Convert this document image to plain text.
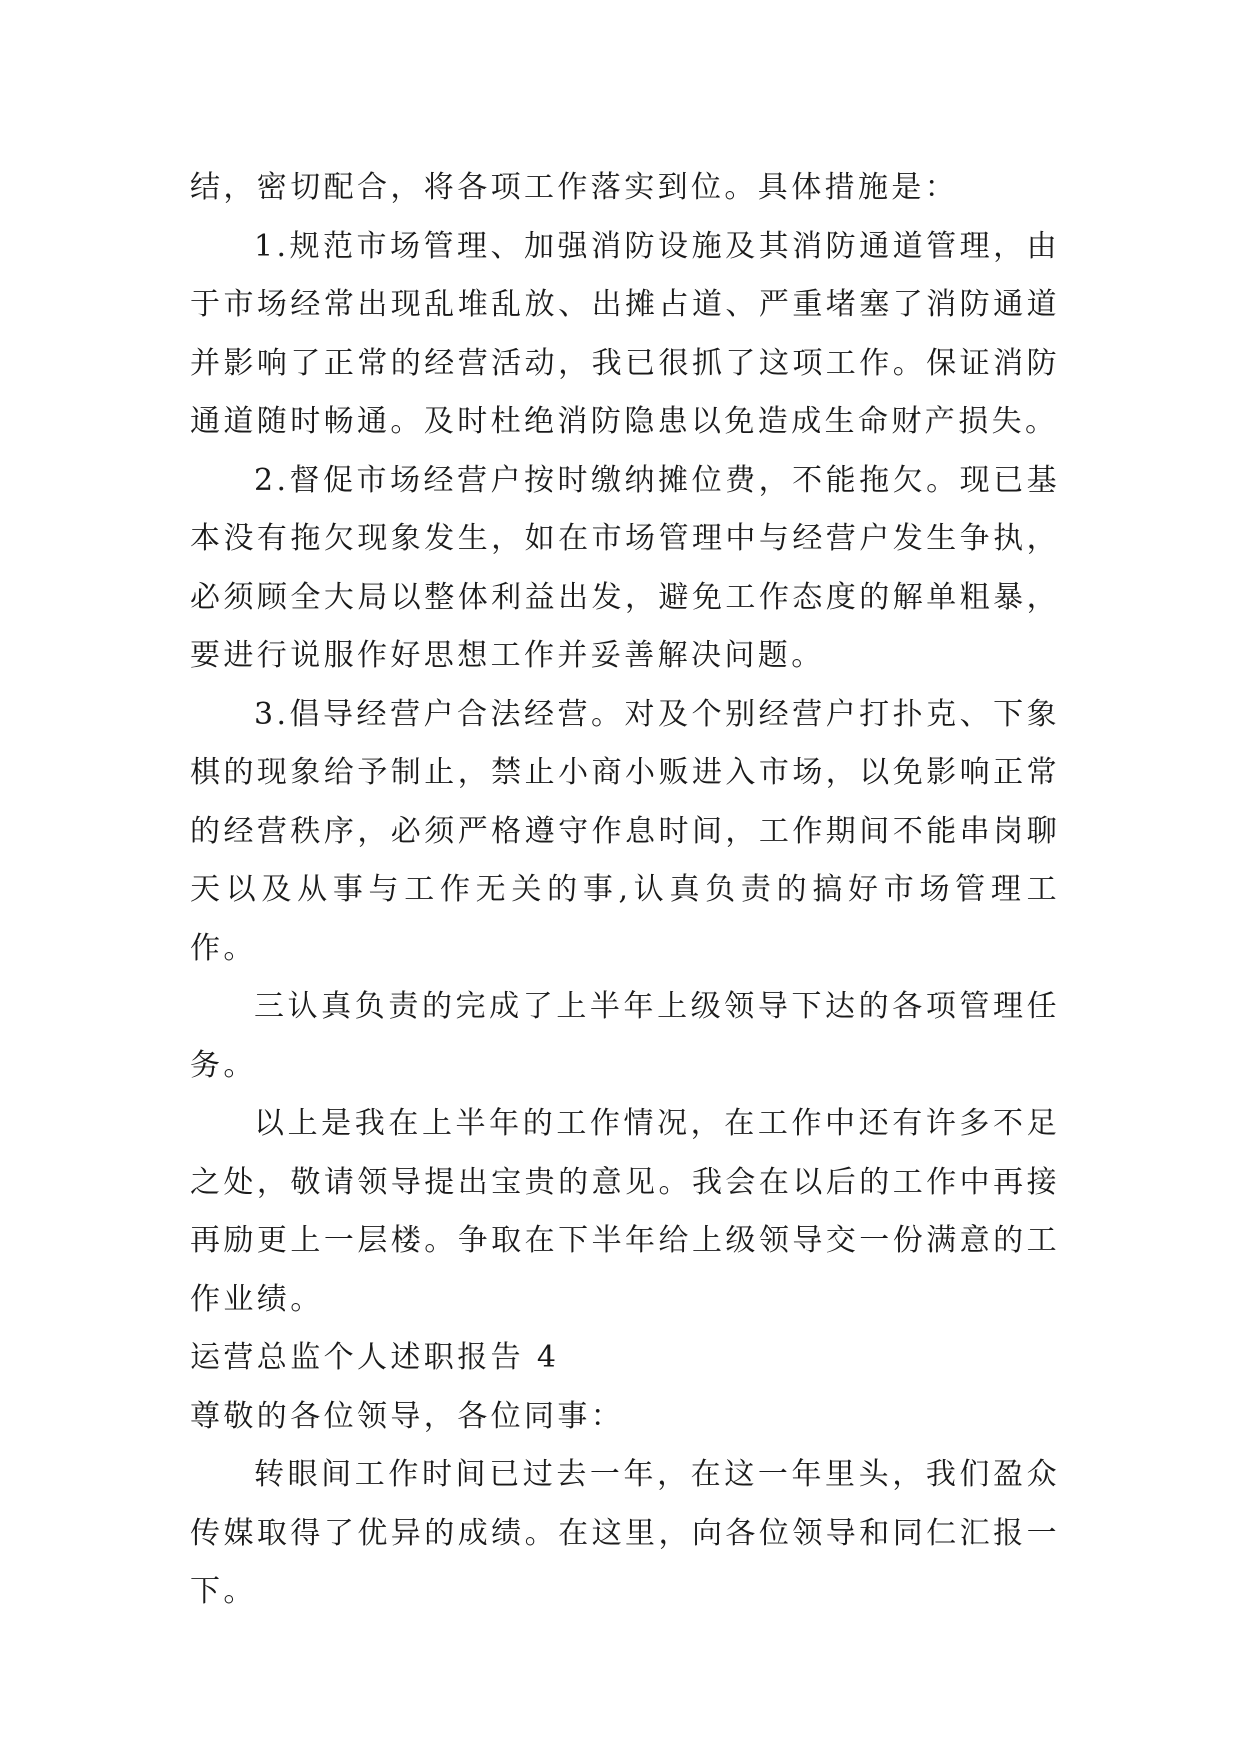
结，密切配合，将各项工作落实到位。具体措施是：

1.规范市场管理、加强消防设施及其消防通道管理，由于市场经常出现乱堆乱放、出摊占道、严重堵塞了消防通道并影响了正常的经营活动，我已很抓了这项工作。保证消防通道随时畅通。及时杜绝消防隐患以免造成生命财产损失。

2.督促市场经营户按时缴纳摊位费，不能拖欠。现已基本没有拖欠现象发生，如在市场管理中与经营户发生争执，必须顾全大局以整体利益出发，避免工作态度的解单粗暴，要进行说服作好思想工作并妥善解决问题。

3.倡导经营户合法经营。对及个别经营户打扑克、下象棋的现象给予制止，禁止小商小贩进入市场，以免影响正常的经营秩序，必须严格遵守作息时间，工作期间不能串岗聊天以及从事与工作无关的事,认真负责的搞好市场管理工作。

三认真负责的完成了上半年上级领导下达的各项管理任务。

以上是我在上半年的工作情况，在工作中还有许多不足之处，敬请领导提出宝贵的意见。我会在以后的工作中再接再励更上一层楼。争取在下半年给上级领导交一份满意的工作业绩。

运营总监个人述职报告 4

尊敬的各位领导，各位同事：

转眼间工作时间已过去一年，在这一年里头，我们盈众传媒取得了优异的成绩。在这里，向各位领导和同仁汇报一下。
